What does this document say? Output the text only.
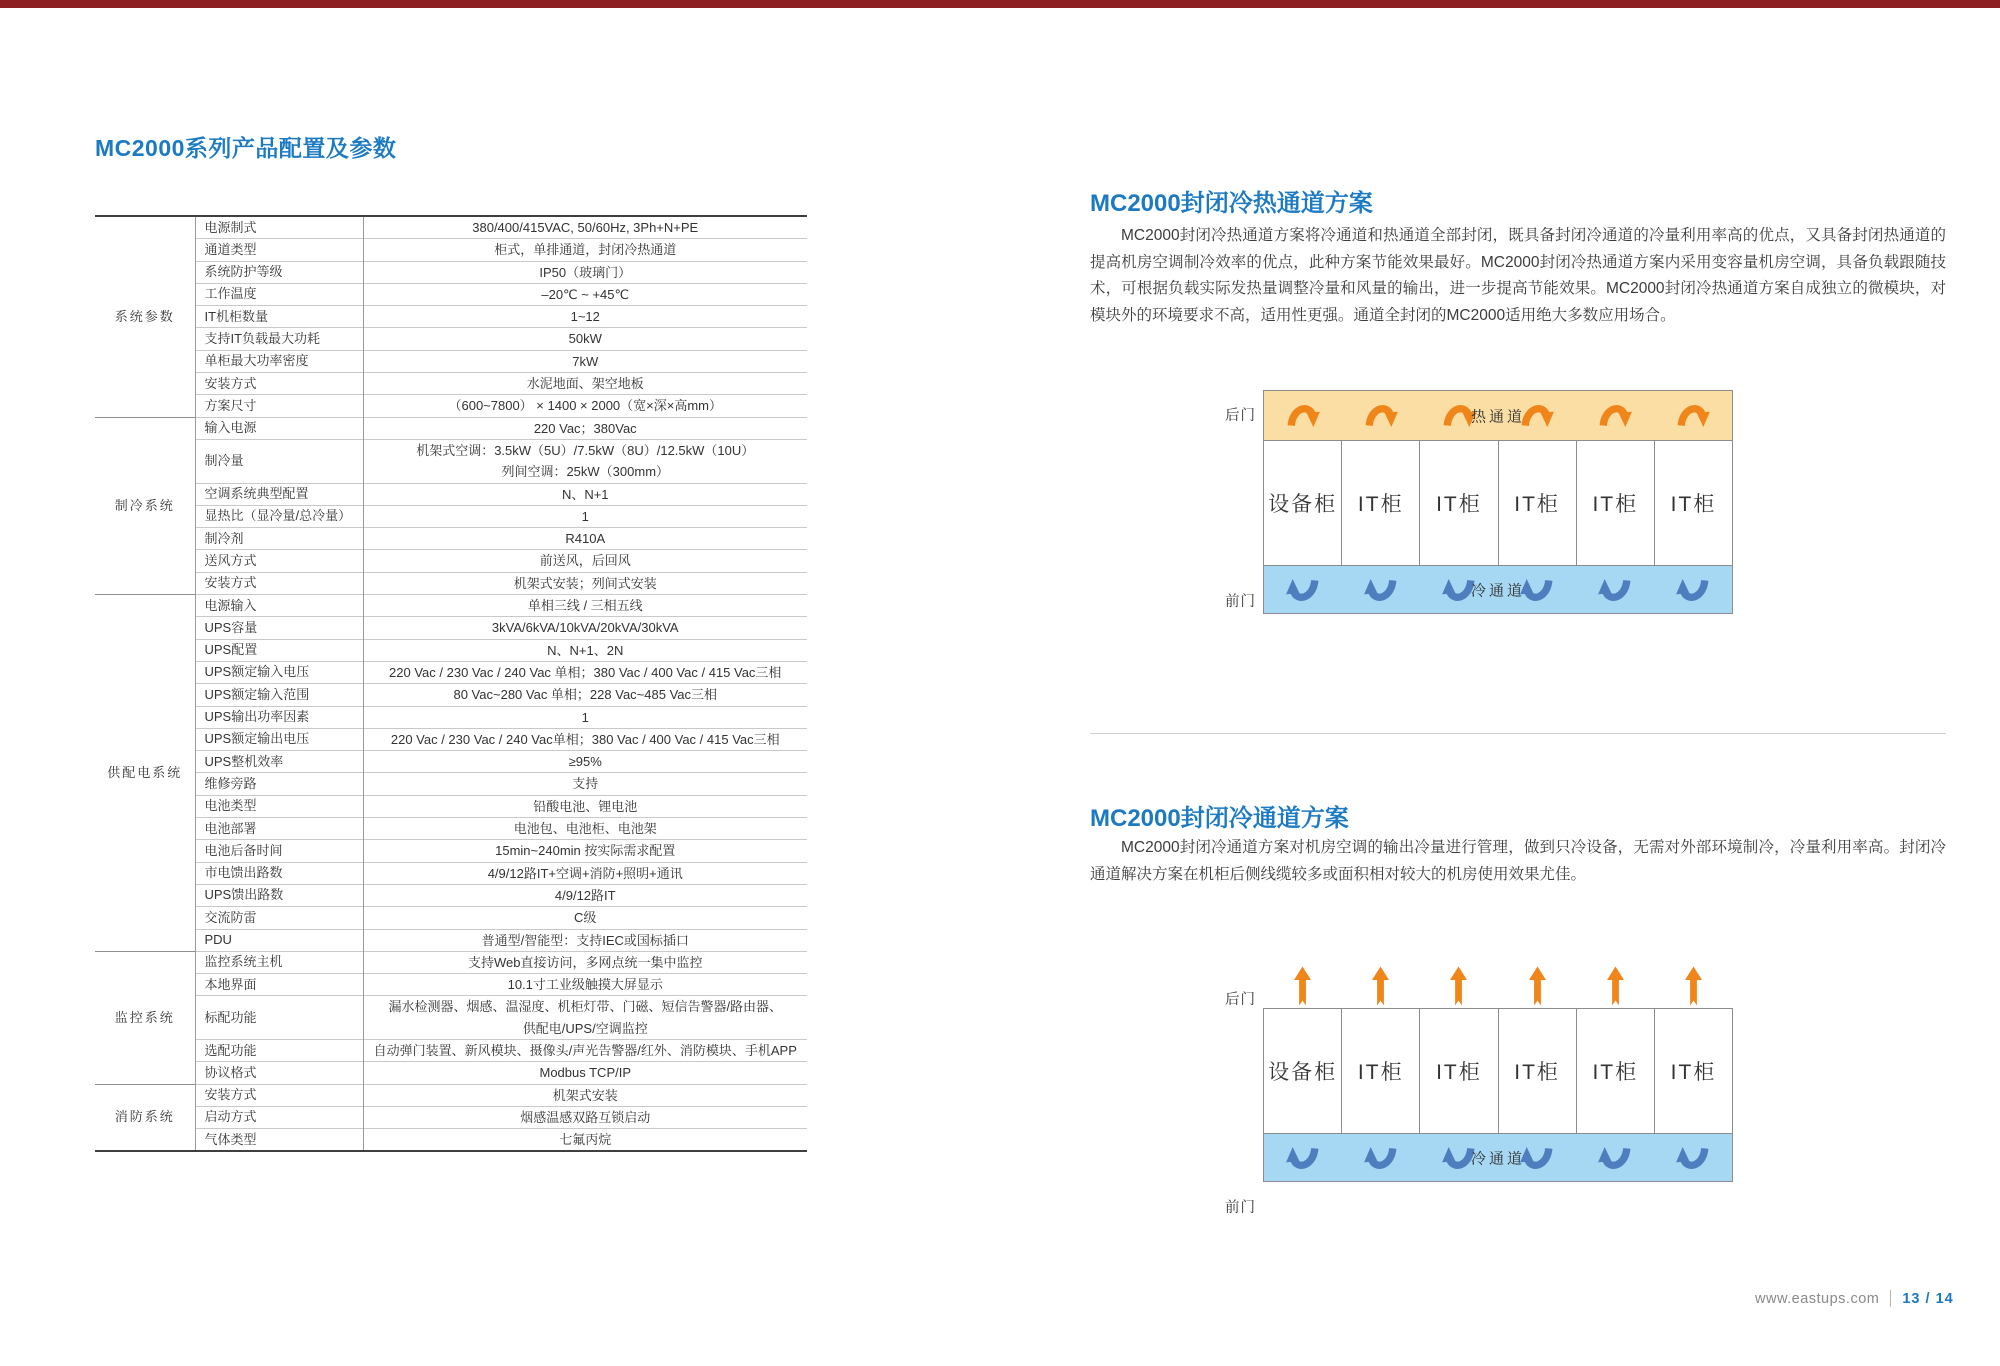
MC2000系列产品配置及参数
系统参数	电源制式	380/400/415VAC, 50/60Hz, 3Ph+N+PE

	通道类型	柜式，单排通道，封闭冷热通道

	系统防护等级	IP50（玻璃门）

	工作温度	–20℃ ~ +45℃

	IT机柜数量	1~12

	支持IT负载最大功耗	50kW

	单柜最大功率密度	7kW

	安装方式	水泥地面、架空地板

	方案尺寸	（600~7800） × 1400 × 2000（宽×深×高mm）

制冷系统	输入电源	220 Vac；380Vac

	制冷量	机架式空调：3.5kW（5U）/7.5kW（8U）/12.5kW（10U）
列间空调：25kW（300mm）

	空调系统典型配置	N、N+1

	显热比（显冷量/总冷量）	1

	制冷剂	R410A

	送风方式	前送风，后回风

	安装方式	机架式安装；列间式安装

供配电系统	电源输入	单相三线 / 三相五线

	UPS容量	3kVA/6kVA/10kVA/20kVA/30kVA

	UPS配置	N、N+1、2N

	UPS额定输入电压	220 Vac / 230 Vac / 240 Vac 单相；380 Vac / 400 Vac / 415 Vac三相

	UPS额定输入范围	80 Vac~280 Vac 单相；228 Vac~485 Vac三相

	UPS输出功率因素	1

	UPS额定输出电压	220 Vac / 230 Vac / 240 Vac单相；380 Vac / 400 Vac / 415 Vac三相

	UPS整机效率	≥95%

	维修旁路	支持

	电池类型	铅酸电池、锂电池

	电池部署	电池包、电池柜、电池架

	电池后备时间	15min~240min 按实际需求配置

	市电馈出路数	4/9/12路IT+空调+消防+照明+通讯

	UPS馈出路数	4/9/12路IT

	交流防雷	C级

	PDU	普通型/智能型：支持IEC或国标插口

监控系统	监控系统主机	支持Web直接访问，多网点统一集中监控

	本地界面	10.1寸工业级触摸大屏显示

	标配功能	漏水检测器、烟感、温湿度、机柜灯带、门磁、短信告警器/路由器、
供配电/UPS/空调监控

	选配功能	自动弹门装置、新风模块、摄像头/声光告警器/红外、消防模块、手机APP

	协议格式	Modbus TCP/IP

消防系统	安装方式	机架式安装

	启动方式	烟感温感双路互锁启动

	气体类型	七氟丙烷
MC2000封闭冷热通道方案

MC2000封闭冷热通道方案将冷通道和热通道全部封闭，既具备封闭冷通道的冷量利用率高的优点，又具备封闭热通道的提高机房空调制冷效率的优点，此种方案节能效果最好。MC2000封闭冷热通道方案内采用变容量机房空调，具备负载跟随技术，可根据负载实际发热量调整冷量和风量的输出，进一步提高节能效果。MC2000封闭冷热通道方案自成独立的微模块，对模块外的环境要求不高，适用性更强。通道全封闭的MC2000适用绝大多数应用场合。

后门
前门
热通道
设备柜 IT柜	IT柜	IT柜	IT柜	IT柜
冷通道
MC2000封闭冷通道方案

MC2000封闭冷通道方案对机房空调的输出冷量进行管理，做到只冷设备，无需对外部环境制冷，冷量利用率高。封闭冷通道解决方案在机柜后侧线缆较多或面积相对较大的机房使用效果尤佳。

后门
前门
设备柜 IT柜	IT柜	IT柜	IT柜	IT柜
冷通道
www.eastups.com 13 / 14
